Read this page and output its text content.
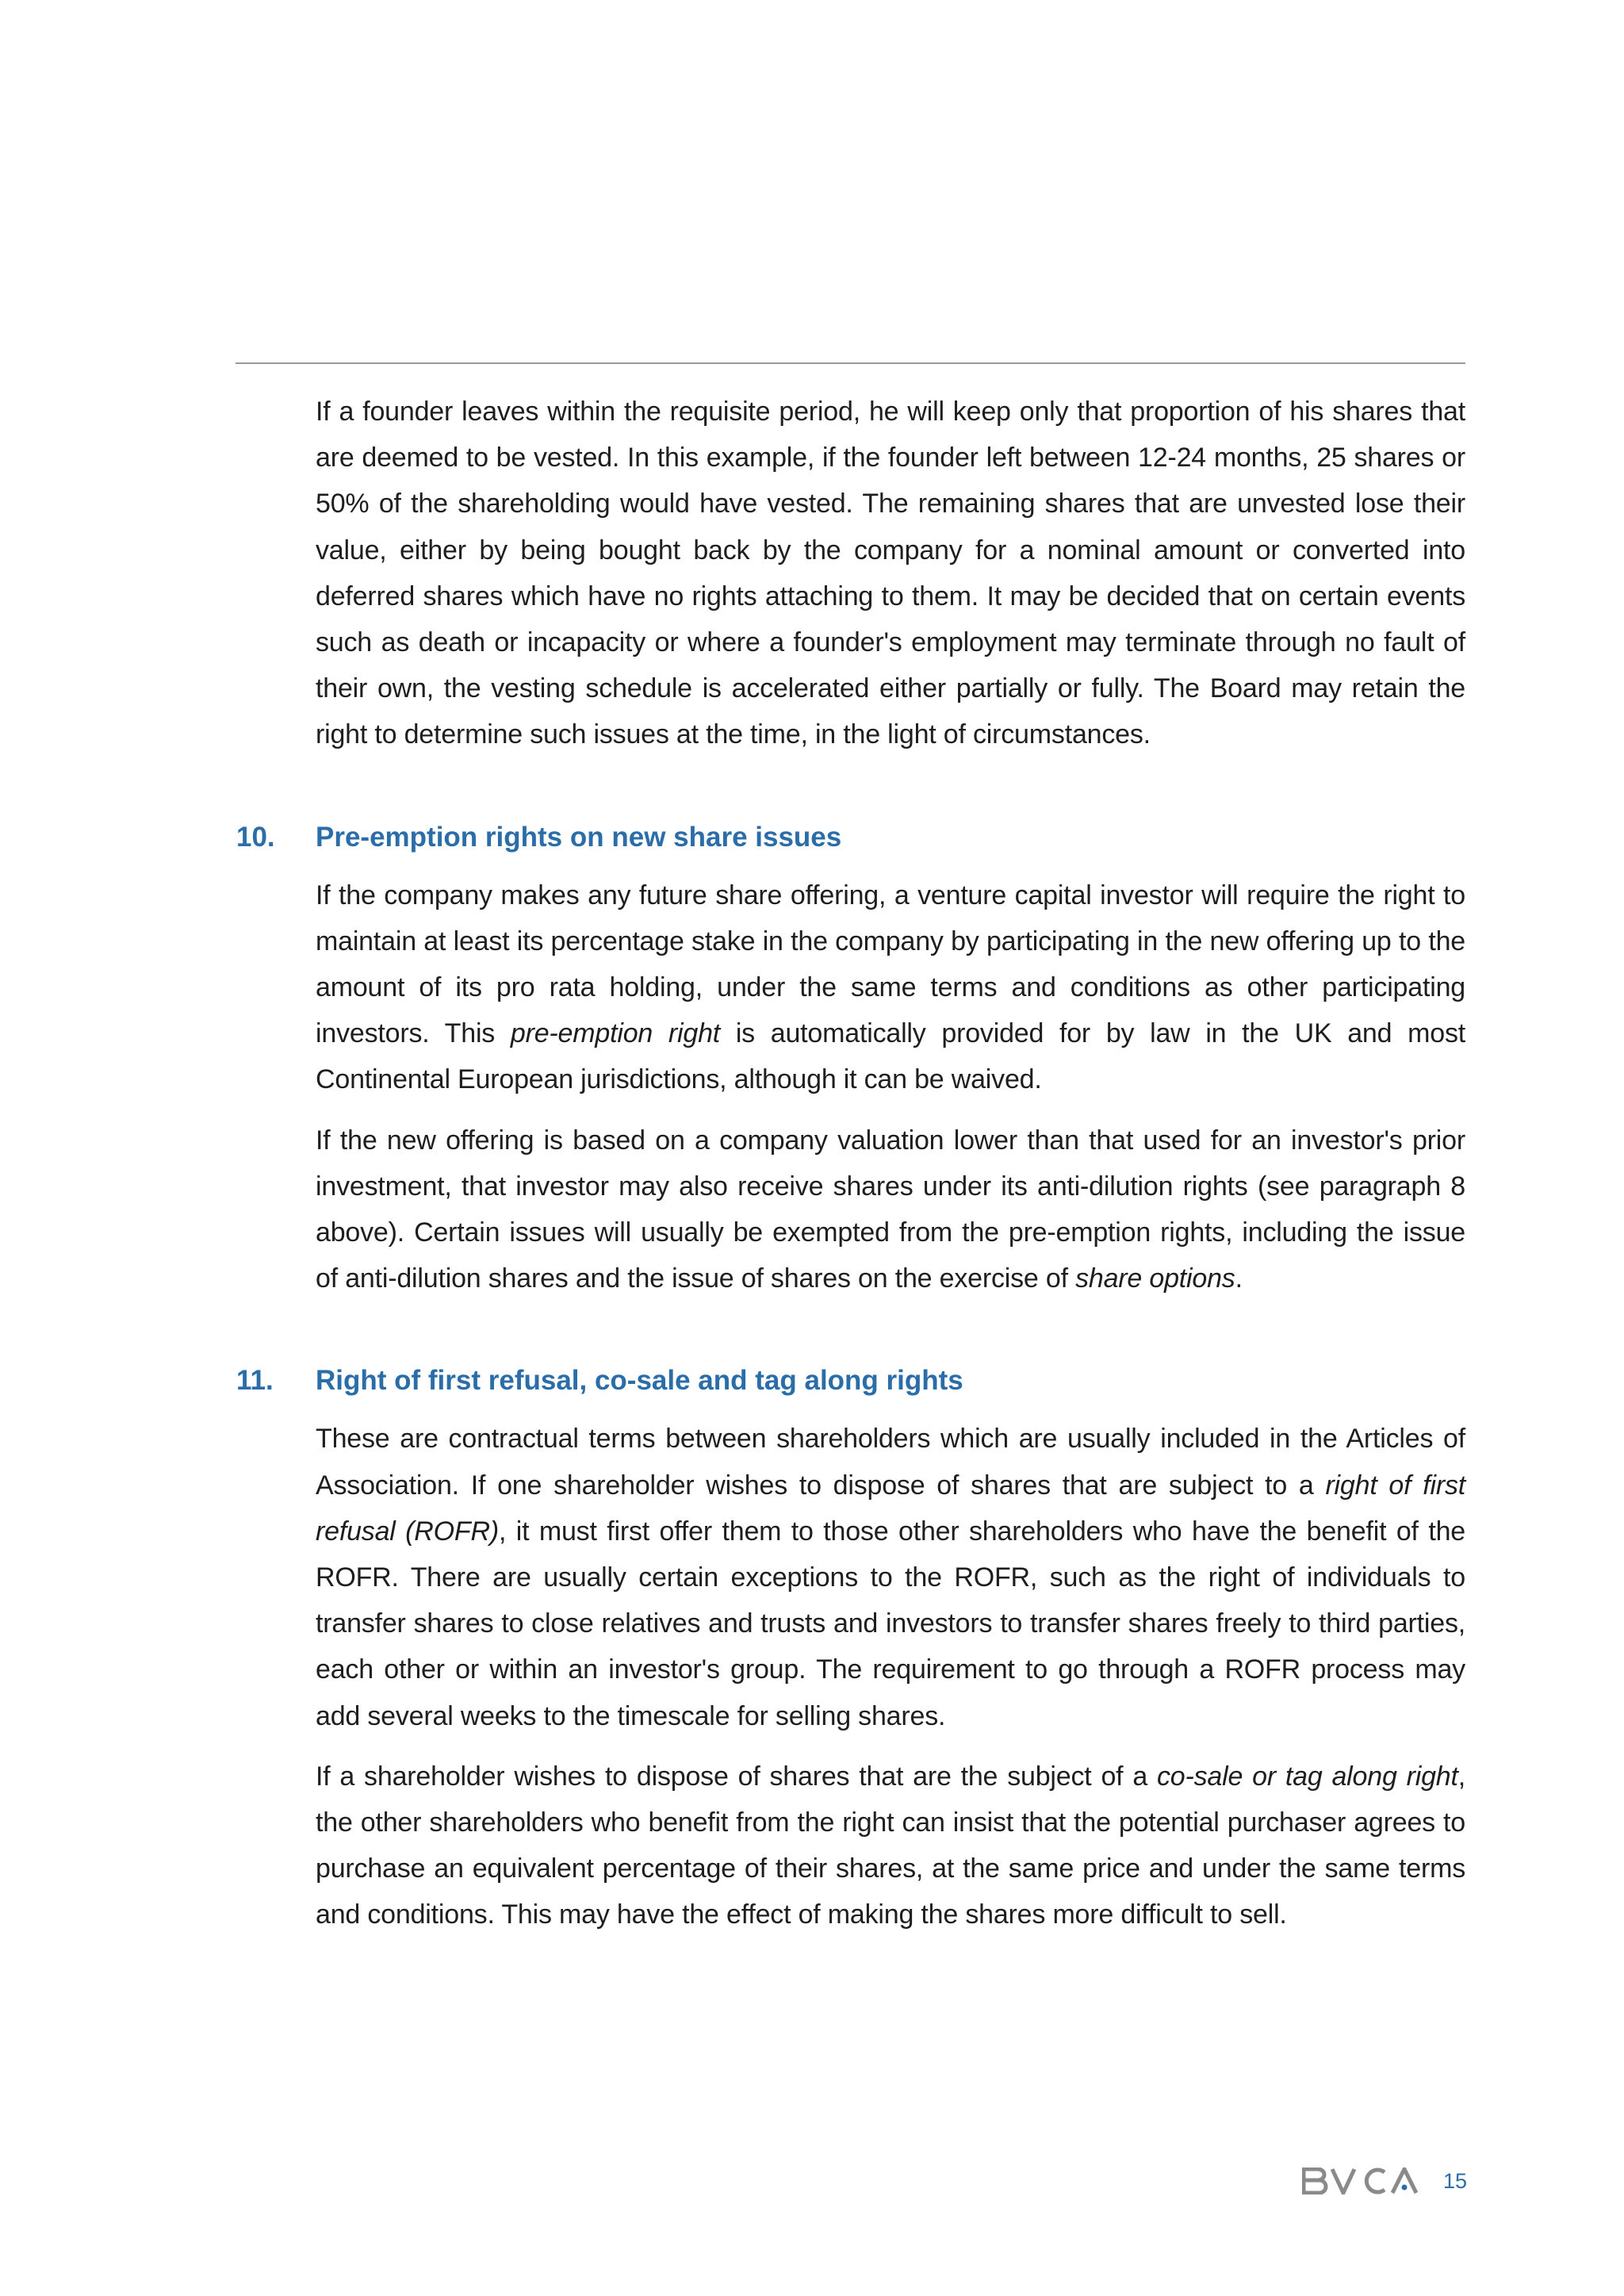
If a founder leaves within the requisite period, he will keep only that proportion of his shares that are deemed to be vested. In this example, if the founder left between 12-24 months, 25 shares or 50% of the shareholding would have vested. The remaining shares that are unvested lose their value, either by being bought back by the company for a nominal amount or converted into deferred shares which have no rights attaching to them. It may be decided that on certain events such as death or incapacity or where a founder's employment may terminate through no fault of their own, the vesting schedule is accelerated either partially or fully. The Board may retain the right to determine such issues at the time, in the light of circumstances.

10.	Pre-emption rights on new share issues

If the company makes any future share offering, a venture capital investor will require the right to maintain at least its percentage stake in the company by participating in the new offering up to the amount of its pro rata holding, under the same terms and conditions as other participating investors. This pre-emption right is automatically provided for by law in the UK and most Continental European jurisdictions, although it can be waived.

If the new offering is based on a company valuation lower than that used for an investor's prior investment, that investor may also receive shares under its anti-dilution rights (see paragraph 8 above). Certain issues will usually be exempted from the pre-emption rights, including the issue of anti-dilution shares and the issue of shares on the exercise of share options.

11.	Right of first refusal, co-sale and tag along rights

These are contractual terms between shareholders which are usually included in the Articles of Association. If one shareholder wishes to dispose of shares that are subject to a right of first refusal (ROFR), it must first offer them to those other shareholders who have the benefit of the ROFR. There are usually certain exceptions to the ROFR, such as the right of individuals to transfer shares to close relatives and trusts and investors to transfer shares freely to third parties, each other or within an investor's group. The requirement to go through a ROFR process may add several weeks to the timescale for selling shares.

If a shareholder wishes to dispose of shares that are the subject of a co-sale or tag along right, the other shareholders who benefit from the right can insist that the potential purchaser agrees to purchase an equivalent percentage of their shares, at the same price and under the same terms and conditions. This may have the effect of making the shares more difficult to sell.

15
